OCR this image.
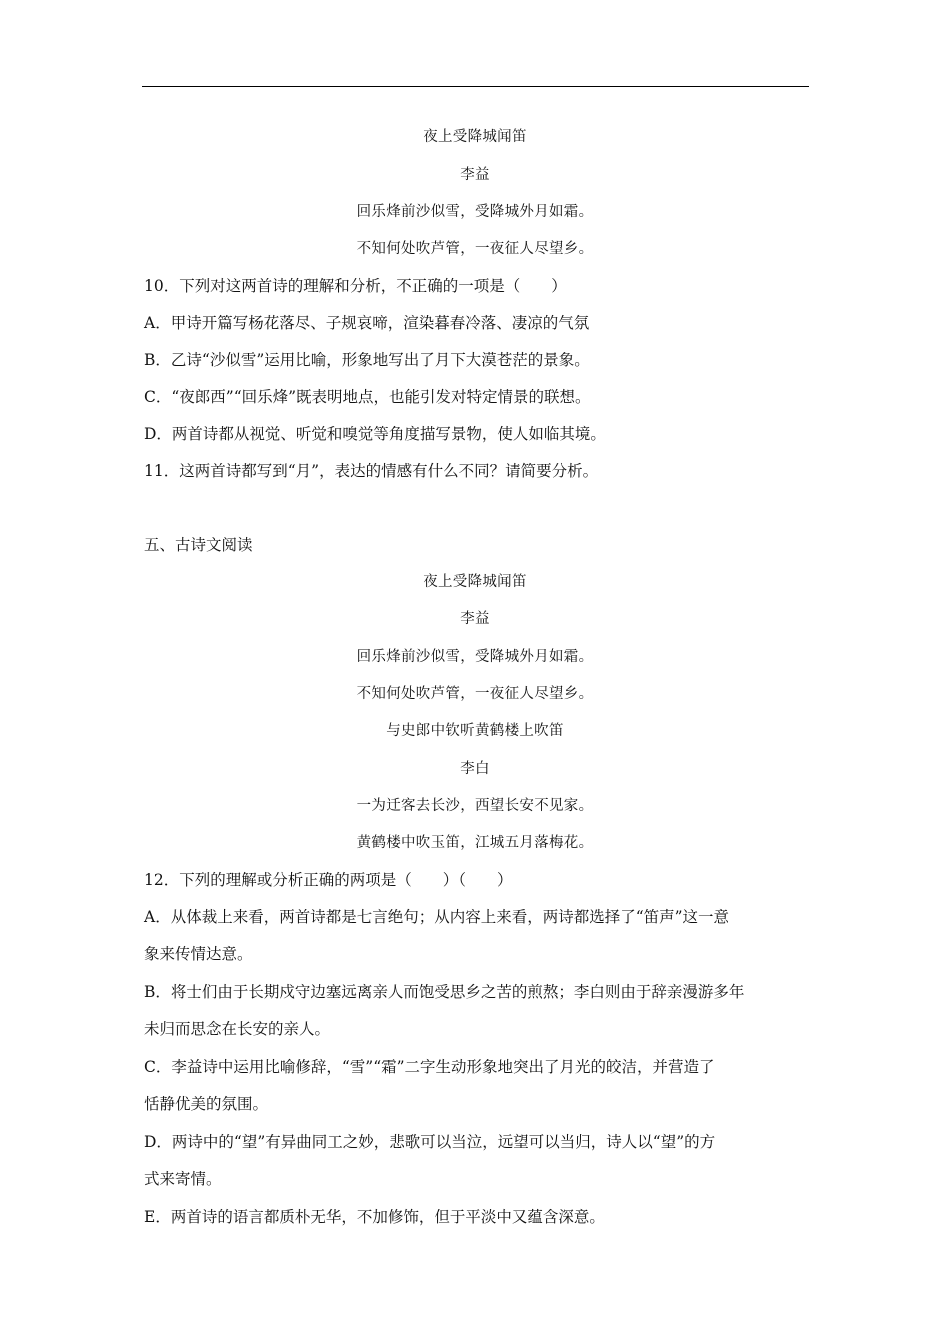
夜上受降城闻笛
李益
回乐烽前沙似雪，受降城外月如霜。
不知何处吹芦管，一夜征人尽望乡。
10．下列对这两首诗的理解和分析，不正确的一项是（　　）
A．甲诗开篇写杨花落尽、子规哀啼，渲染暮春冷落、凄凉的气氛
B．乙诗“沙似雪”运用比喻，形象地写出了月下大漠苍茫的景象。
C．“夜郎西”“回乐烽”既表明地点，也能引发对特定情景的联想。
D．两首诗都从视觉、听觉和嗅觉等角度描写景物，使人如临其境。
11．这两首诗都写到“月”，表达的情感有什么不同？请简要分析。
五、古诗文阅读
夜上受降城闻笛
李益
回乐烽前沙似雪，受降城外月如霜。
不知何处吹芦管，一夜征人尽望乡。
与史郎中钦听黄鹤楼上吹笛
李白
一为迁客去长沙，西望长安不见家。
黄鹤楼中吹玉笛，江城五月落梅花。
12．下列的理解或分析正确的两项是（　　）（　　）
A．从体裁上来看，两首诗都是七言绝句；从内容上来看，两诗都选择了“笛声”这一意
象来传情达意。
B．将士们由于长期戍守边塞远离亲人而饱受思乡之苦的煎熬；李白则由于辞亲漫游多年
未归而思念在长安的亲人。
C．李益诗中运用比喻修辞，“雪”“霜”二字生动形象地突出了月光的皎洁，并营造了
恬静优美的氛围。
D．两诗中的“望”有异曲同工之妙，悲歌可以当泣，远望可以当归，诗人以“望”的方
式来寄情。
E．两首诗的语言都质朴无华，不加修饰，但于平淡中又蕴含深意。
